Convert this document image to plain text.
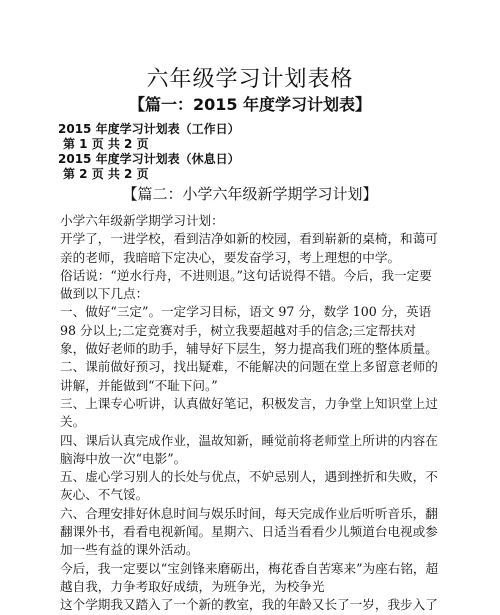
六年级学习计划表格
【篇一：2015 年度学习计划表】
2015 年度学习计划表（工作日）
第 1 页 共 2 页
2015 年度学习计划表（休息日）
第 2 页 共 2 页
【篇二：小学六年级新学期学习计划】

小学六年级新学期学习计划：

开学了，一进学校，看到洁净如新的校园，看到崭新的桌椅，和蔼可亲的老师，我暗暗下定决心，要发奋学习，考上理想的中学。

俗话说：“逆水行舟，不进则退。”这句话说得不错。今后，我一定要做到以下几点：

一、做好“三定”。一定学习目标，语文 97 分，数学 100 分，英语 98 分以上;二定竞赛对手，树立我要超越对手的信念;三定帮扶对象，做好老师的助手，辅导好下层生，努力提高我们班的整体质量。

二、课前做好预习，找出疑难，不能解决的问题在堂上多留意老师的讲解，并能做到“不耻下问。”

三、上课专心听讲，认真做好笔记，积极发言，力争堂上知识堂上过关。

四、课后认真完成作业，温故知新，睡觉前将老师堂上所讲的内容在脑海中放一次“电影”。

五、虚心学习别人的长处与优点，不妒忌别人，遇到挫折和失败，不灰心、不气馁。

六、合理安排好休息时间与娱乐时间，每天完成作业后听听音乐，翻翻课外书，看看电视新闻。星期六、日适当看看少儿频道台电视或参加一些有益的课外活动。

今后，我一定要以“宝剑锋来磨砺出，梅花香自苦寒来”为座右铭，超越自我，力争考取好成绩，为班争光，为校争光

这个学期我又踏入了一个新的教室，我的年龄又长了一岁，我步入了
